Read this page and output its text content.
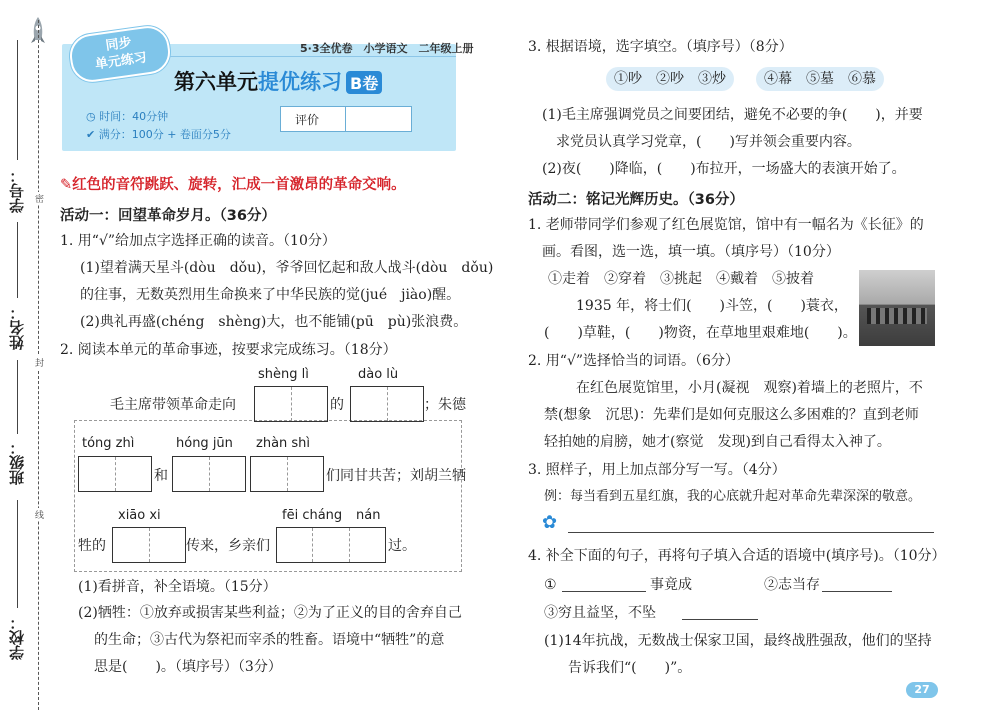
学号：
姓名：
班级：
学校：
密
封
线
同步
单元练习
5·3全优卷　小学语文　二年级上册
第六单元提优练习 B卷
◷ 时间：40分钟
✔ 满分：100分 + 卷面分5分
评价
✎红色的音符跳跃、旋转，汇成一首激昂的革命交响。
活动一：回望革命岁月。（36分）
1. 用“√”给加点字选择正确的读音。（10分）
(1)望着满天星斗(dòu　dǒu)，爷爷回忆起和敌人战斗(dòu　dǒu)
的往事，无数英烈用生命换来了中华民族的觉(jué　jiào)醒。
(2)典礼再盛(chéng　shèng)大，也不能铺(pū　pù)张浪费。
2. 阅读本单元的革命事迹，按要求完成练习。（18分）
shèng lì	dào lù
毛主席带领革命走向	的	；朱德
tóng zhì	hóng jūn zhàn shì
和	们同甘共苦；刘胡兰牺
xiāo xi	fēi cháng nán
牲的	传来，乡亲们	过。
(1)看拼音，补全语境。（15分）
(2)牺牲：①放弃或损害某些利益；②为了正义的目的舍弃自己
的生命；③古代为祭祀而宰杀的牲畜。语境中“牺牲”的意
思是(　　)。（填序号）（3分）
3. 根据语境，选字填空。（填序号）（8分）
①吵　②吵　③炒	④幕　⑤墓　⑥慕
(1)毛主席强调党员之间要团结，避免不必要的争(　　)，并要
求党员认真学习党章，(　　)写并领会重要内容。
(2)夜(　　)降临，(　　)布拉开，一场盛大的表演开始了。
活动二：铭记光辉历史。（36分）
1. 老师带同学们参观了红色展览馆，馆中有一幅名为《长征》的
画。看图，选一选，填一填。（填序号）（10分）
①走着　②穿着　③挑起　④戴着　⑤披着
1935 年，将士们(　　)斗笠，(　　)蓑衣，
(　　)草鞋，(　　)物资，在草地里艰难地(　　)。
2. 用“√”选择恰当的词语。（6分）
在红色展览馆里，小月(凝视　观察)着墙上的老照片，不
禁(想象　沉思)：先辈们是如何克服这么多困难的？直到老师
轻拍她的肩膀，她才(察觉　发现)到自己看得太入神了。
3. 照样子，用上加点部分写一写。（4分）
例：每当看到五星红旗，我的心底就升起对革命先辈深深的敬意。
✿
4. 补全下面的句子，再将句子填入合适的语境中(填序号)。（10分）
①	事竟成	②志当存
③穷且益坚，不坠
(1)14年抗战，无数战士保家卫国，最终战胜强敌，他们的坚持
告诉我们“(　　)”。
27
